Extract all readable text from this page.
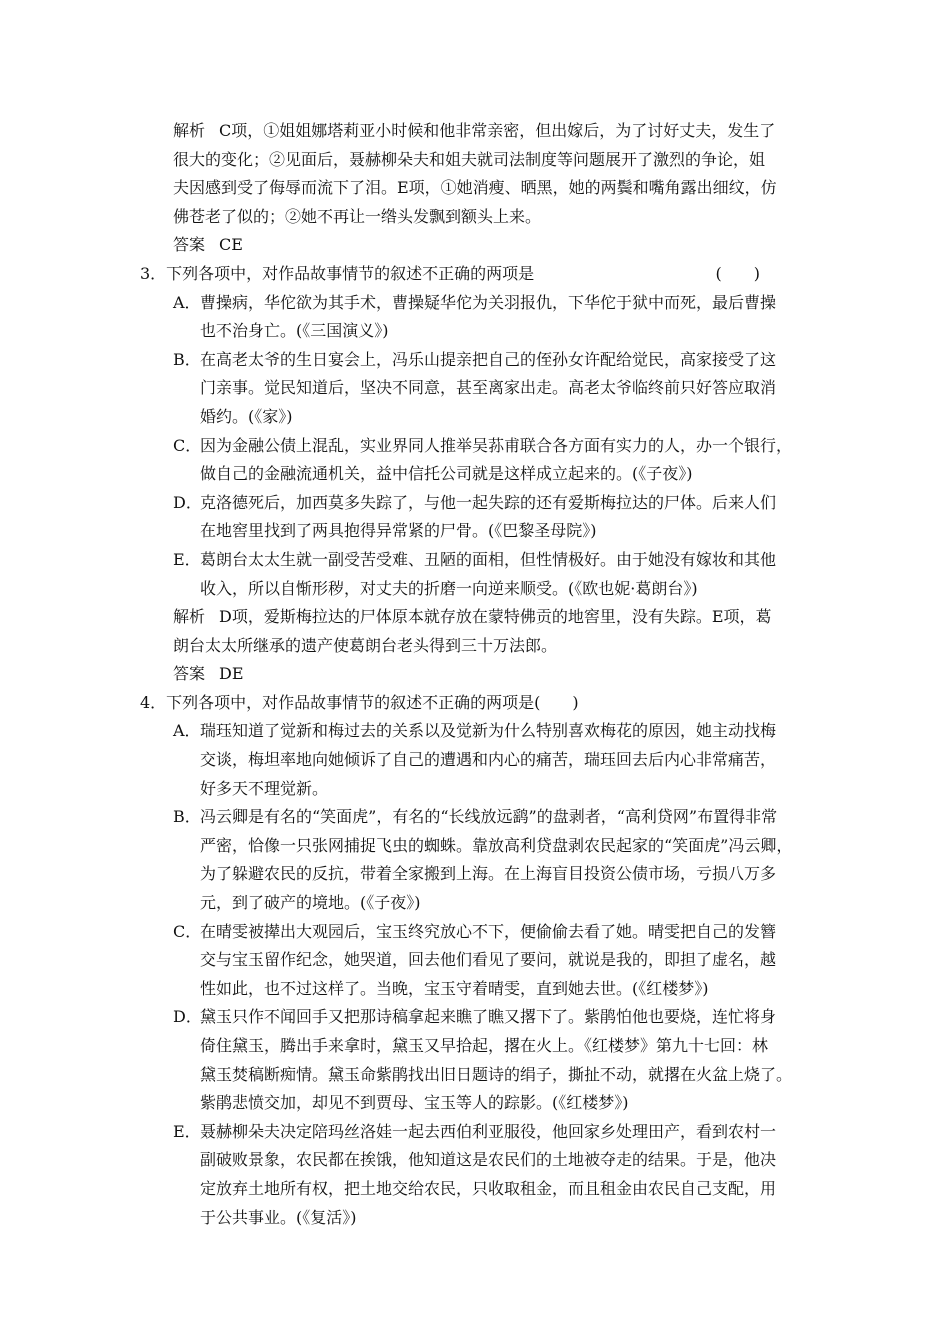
解析 C项，①姐姐娜塔莉亚小时候和他非常亲密，但出嫁后，为了讨好丈夫，发生了
很大的变化；②见面后，聂赫柳朵夫和姐夫就司法制度等问题展开了激烈的争论，姐
夫因感到受了侮辱而流下了泪。E项，①她消瘦、晒黑，她的两鬓和嘴角露出细纹，仿
佛苍老了似的；②她不再让一绺头发飘到额头上来。
答案 CE
3．下列各项中，对作品故事情节的叙述不正确的两项是	(　　)
A．曹操病，华佗欲为其手术，曹操疑华佗为关羽报仇，下华佗于狱中而死，最后曹操
也不治身亡。(《三国演义》)
B．在高老太爷的生日宴会上，冯乐山提亲把自己的侄孙女许配给觉民，高家接受了这
门亲事。觉民知道后，坚决不同意，甚至离家出走。高老太爷临终前只好答应取消
婚约。(《家》)
C．因为金融公债上混乱，实业界同人推举吴荪甫联合各方面有实力的人，办一个银行，
做自己的金融流通机关，益中信托公司就是这样成立起来的。(《子夜》)
D．克洛德死后，加西莫多失踪了，与他一起失踪的还有爱斯梅拉达的尸体。后来人们
在地窖里找到了两具抱得异常紧的尸骨。(《巴黎圣母院》)
E．葛朗台太太生就一副受苦受难、丑陋的面相，但性情极好。由于她没有嫁妆和其他
收入，所以自惭形秽，对丈夫的折磨一向逆来顺受。(《欧也妮·葛朗台》)
解析 D项，爱斯梅拉达的尸体原本就存放在蒙特佛贡的地窖里，没有失踪。E项，葛
朗台太太所继承的遗产使葛朗台老头得到三十万法郎。
答案 DE
4．下列各项中，对作品故事情节的叙述不正确的两项是(　　)
A．瑞珏知道了觉新和梅过去的关系以及觉新为什么特别喜欢梅花的原因，她主动找梅
交谈，梅坦率地向她倾诉了自己的遭遇和内心的痛苦，瑞珏回去后内心非常痛苦，
好多天不理觉新。
B．冯云卿是有名的“笑面虎”，有名的“长线放远鹞”的盘剥者，“高利贷网”布置得非常
严密，恰像一只张网捕捉飞虫的蜘蛛。靠放高利贷盘剥农民起家的“笑面虎”冯云卿，
为了躲避农民的反抗，带着全家搬到上海。在上海盲目投资公债市场，亏损八万多
元，到了破产的境地。(《子夜》)
C．在晴雯被撵出大观园后，宝玉终究放心不下，便偷偷去看了她。晴雯把自己的发簪
交与宝玉留作纪念，她哭道，回去他们看见了要问，就说是我的，即担了虚名，越
性如此，也不过这样了。当晚，宝玉守着晴雯，直到她去世。(《红楼梦》)
D．黛玉只作不闻回手又把那诗稿拿起来瞧了瞧又撂下了。紫鹃怕他也要烧，连忙将身
倚住黛玉，腾出手来拿时，黛玉又早拾起，撂在火上。《红楼梦》第九十七回：林
黛玉焚稿断痴情。黛玉命紫鹃找出旧日题诗的绢子，撕扯不动，就撂在火盆上烧了。
紫鹃悲愤交加，却见不到贾母、宝玉等人的踪影。(《红楼梦》)
E．聂赫柳朵夫决定陪玛丝洛娃一起去西伯利亚服役，他回家乡处理田产，看到农村一
副破败景象，农民都在挨饿，他知道这是农民们的土地被夺走的结果。于是，他决
定放弃土地所有权，把土地交给农民，只收取租金，而且租金由农民自己支配，用
于公共事业。(《复活》)
